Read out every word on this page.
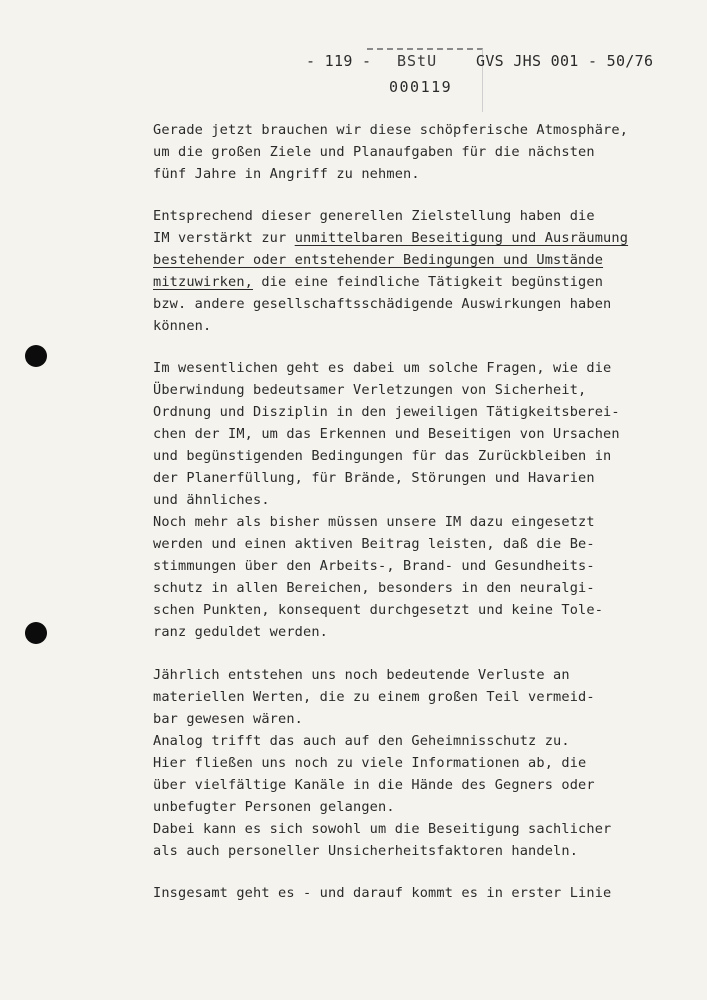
- 119 - BStU
000119
GVS JHS 001 - 50/76
Gerade jetzt brauchen wir diese schöpferische Atmosphäre,
um die großen Ziele und Planaufgaben für die nächsten
fünf Jahre in Angriff zu nehmen.
Entsprechend dieser generellen Zielstellung haben die
IM verstärkt zur unmittelbaren Beseitigung und Ausräumung
bestehender oder entstehender Bedingungen und Umstände
mitzuwirken, die eine feindliche Tätigkeit begünstigen
bzw. andere gesellschaftsschädigende Auswirkungen haben
können.
Im wesentlichen geht es dabei um solche Fragen, wie die
Überwindung bedeutsamer Verletzungen von Sicherheit,
Ordnung und Disziplin in den jeweiligen Tätigkeitsberei-
chen der IM, um das Erkennen und Beseitigen von Ursachen
und begünstigenden Bedingungen für das Zurückbleiben in
der Planerfüllung, für Brände, Störungen und Havarien
und ähnliches.
Noch mehr als bisher müssen unsere IM dazu eingesetzt
werden und einen aktiven Beitrag leisten, daß die Be-
stimmungen über den Arbeits-, Brand- und Gesundheits-
schutz in allen Bereichen, besonders in den neuralgi-
schen Punkten, konsequent durchgesetzt und keine Tole-
ranz geduldet werden.
Jährlich entstehen uns noch bedeutende Verluste an
materiellen Werten, die zu einem großen Teil vermeid-
bar gewesen wären.
Analog trifft das auch auf den Geheimnisschutz zu.
Hier fließen uns noch zu viele Informationen ab, die
über vielfältige Kanäle in die Hände des Gegners oder
unbefugter Personen gelangen.
Dabei kann es sich sowohl um die Beseitigung sachlicher
als auch personeller Unsicherheitsfaktoren handeln.
Insgesamt geht es - und darauf kommt es in erster Linie
